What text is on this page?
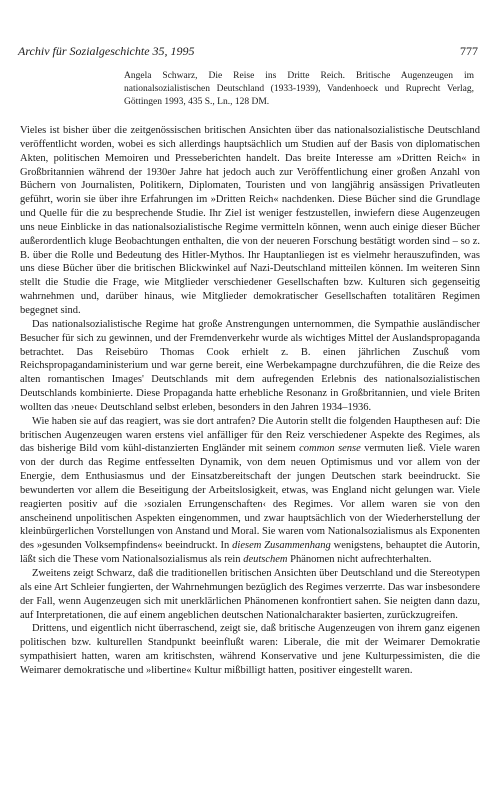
Archiv für Sozialgeschichte 35, 1995	777
Angela Schwarz, Die Reise ins Dritte Reich. Britische Augenzeugen im nationalsozialistischen Deutschland (1933-1939), Vandenhoeck und Ruprecht Verlag, Göttingen 1993, 435 S., Ln., 128 DM.

Vieles ist bisher über die zeitgenössischen britischen Ansichten über das nationalsozialistische Deutschland veröffentlicht worden, wobei es sich allerdings hauptsächlich um Studien auf der Basis von diplomatischen Akten, politischen Memoiren und Presseberichten handelt. Das breite Interesse am »Dritten Reich« in Großbritannien während der 1930er Jahre hat jedoch auch zur Veröffentlichung einer großen Anzahl von Büchern von Journalisten, Politikern, Diplomaten, Touristen und von langjährig ansässigen Privatleuten geführt, worin sie über ihre Erfahrungen im »Dritten Reich« nachdenken. Diese Bücher sind die Grundlage und Quelle für die zu besprechende Studie. Ihr Ziel ist weniger festzustellen, inwiefern diese Augenzeugen uns neue Einblicke in das nationalsozialistische Regime vermitteln können, wenn auch einige dieser Bücher außerordentlich kluge Beobachtungen enthalten, die von der neueren Forschung bestätigt worden sind – so z. B. über die Rolle und Bedeutung des Hitler-Mythos. Ihr Hauptanliegen ist es vielmehr herauszufinden, was uns diese Bücher über die britischen Blickwinkel auf Nazi-Deutschland mitteilen können. Im weiteren Sinn stellt die Studie die Frage, wie Mitglieder verschiedener Gesellschaften bzw. Kulturen sich gegenseitig wahrnehmen und, darüber hinaus, wie Mitglieder demokratischer Gesellschaften totalitären Regimen begegnet sind.

Das nationalsozialistische Regime hat große Anstrengungen unternommen, die Sympathie ausländischer Besucher für sich zu gewinnen, und der Fremdenverkehr wurde als wichtiges Mittel der Auslandspropaganda betrachtet. Das Reisebüro Thomas Cook erhielt z. B. einen jährlichen Zuschuß vom Reichspropagandaministerium und war gerne bereit, eine Werbekampagne durchzuführen, die die Reize des alten romantischen Images' Deutschlands mit dem aufregenden Erlebnis des nationalsozialistischen Deutschlands kombinierte. Diese Propaganda hatte erhebliche Resonanz in Großbritannien, und viele Briten wollten das ›neue‹ Deutschland selbst erleben, besonders in den Jahren 1934–1936.

Wie haben sie auf das reagiert, was sie dort antrafen? Die Autorin stellt die folgenden Haupthesen auf: Die britischen Augenzeugen waren erstens viel anfälliger für den Reiz verschiedener Aspekte des Regimes, als das bisherige Bild vom kühl-distanzierten Engländer mit seinem common sense vermuten ließ. Viele waren von der durch das Regime entfesselten Dynamik, von dem neuen Optimismus und vor allem von der Energie, dem Enthusiasmus und der Einsatzbereitschaft der jungen Deutschen stark beeindruckt. Sie bewunderten vor allem die Beseitigung der Arbeitslosigkeit, etwas, was England nicht gelungen war. Viele reagierten positiv auf die ›sozialen Errungenschaften‹ des Regimes. Vor allem waren sie von den anscheinend unpolitischen Aspekten eingenommen, und zwar hauptsächlich von der Wiederherstellung der kleinbürgerlichen Vorstellungen von Anstand und Moral. Sie waren vom Nationalsozialismus als Exponenten des »gesunden Volksempfindens« beeindruckt. In diesem Zusammenhang wenigstens, behauptet die Autorin, läßt sich die These vom Nationalsozialismus als rein deutschem Phänomen nicht aufrechterhalten.

Zweitens zeigt Schwarz, daß die traditionellen britischen Ansichten über Deutschland und die Stereotypen als eine Art Schleier fungierten, der Wahrnehmungen bezüglich des Regimes verzerrte. Das war insbesondere der Fall, wenn Augenzeugen sich mit unerklärlichen Phänomenen konfrontiert sahen. Sie neigten dann dazu, auf Interpretationen, die auf einem angeblichen deutschen Nationalcharakter basierten, zurückzugreifen.

Drittens, und eigentlich nicht überraschend, zeigt sie, daß britische Augenzeugen von ihrem ganz eigenen politischen bzw. kulturellen Standpunkt beeinflußt waren: Liberale, die mit der Weimarer Demokratie sympathisiert hatten, waren am kritischsten, während Konservative und jene Kulturpessimisten, die die Weimarer demokratische und »libertine« Kultur mißbilligt hatten, positiver eingestellt waren.
